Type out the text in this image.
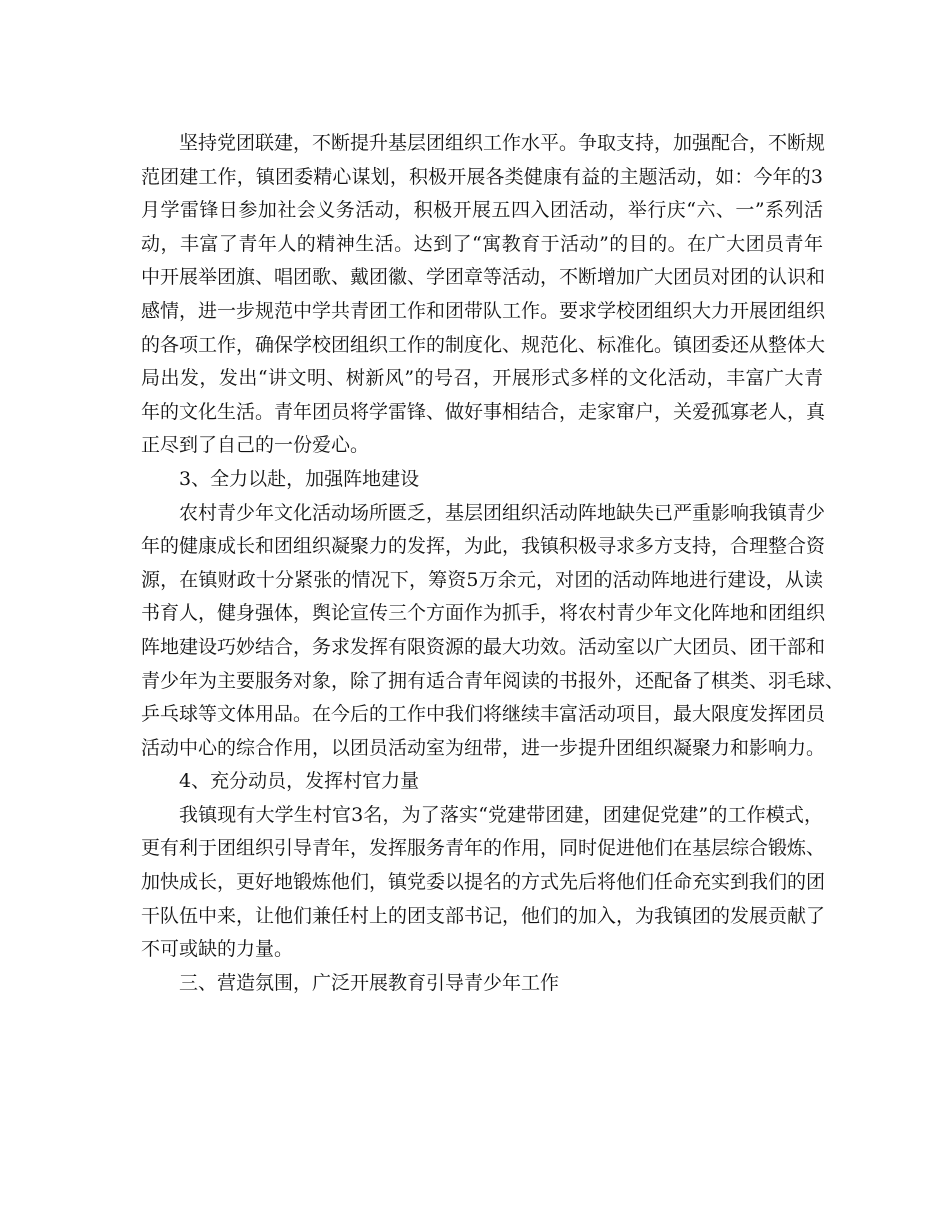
坚持党团联建，不断提升基层团组织工作水平。争取支持，加强配合，不断规
范团建工作，镇团委精心谋划，积极开展各类健康有益的主题活动，如：今年的3
月学雷锋日参加社会义务活动，积极开展五四入团活动，举行庆“六、一”系列活
动，丰富了青年人的精神生活。达到了“寓教育于活动”的目的。在广大团员青年
中开展举团旗、唱团歌、戴团徽、学团章等活动，不断增加广大团员对团的认识和
感情，进一步规范中学共青团工作和团带队工作。要求学校团组织大力开展团组织
的各项工作，确保学校团组织工作的制度化、规范化、标准化。镇团委还从整体大
局出发，发出“讲文明、树新风”的号召，开展形式多样的文化活动，丰富广大青
年的文化生活。青年团员将学雷锋、做好事相结合，走家窜户，关爱孤寡老人，真
正尽到了自己的一份爱心。
3、全力以赴，加强阵地建设
农村青少年文化活动场所匮乏，基层团组织活动阵地缺失已严重影响我镇青少
年的健康成长和团组织凝聚力的发挥，为此，我镇积极寻求多方支持，合理整合资
源，在镇财政十分紧张的情况下，筹资5万余元，对团的活动阵地进行建设，从读
书育人，健身强体，舆论宣传三个方面作为抓手，将农村青少年文化阵地和团组织
阵地建设巧妙结合，务求发挥有限资源的最大功效。活动室以广大团员、团干部和
青少年为主要服务对象，除了拥有适合青年阅读的书报外，还配备了棋类、羽毛球、
乒乓球等文体用品。在今后的工作中我们将继续丰富活动项目，最大限度发挥团员
活动中心的综合作用，以团员活动室为纽带，进一步提升团组织凝聚力和影响力。
4、充分动员，发挥村官力量
我镇现有大学生村官3名，为了落实“党建带团建，团建促党建”的工作模式，
更有利于团组织引导青年，发挥服务青年的作用，同时促进他们在基层综合锻炼、
加快成长，更好地锻炼他们，镇党委以提名的方式先后将他们任命充实到我们的团
干队伍中来，让他们兼任村上的团支部书记，他们的加入，为我镇团的发展贡献了
不可或缺的力量。
三、营造氛围，广泛开展教育引导青少年工作
